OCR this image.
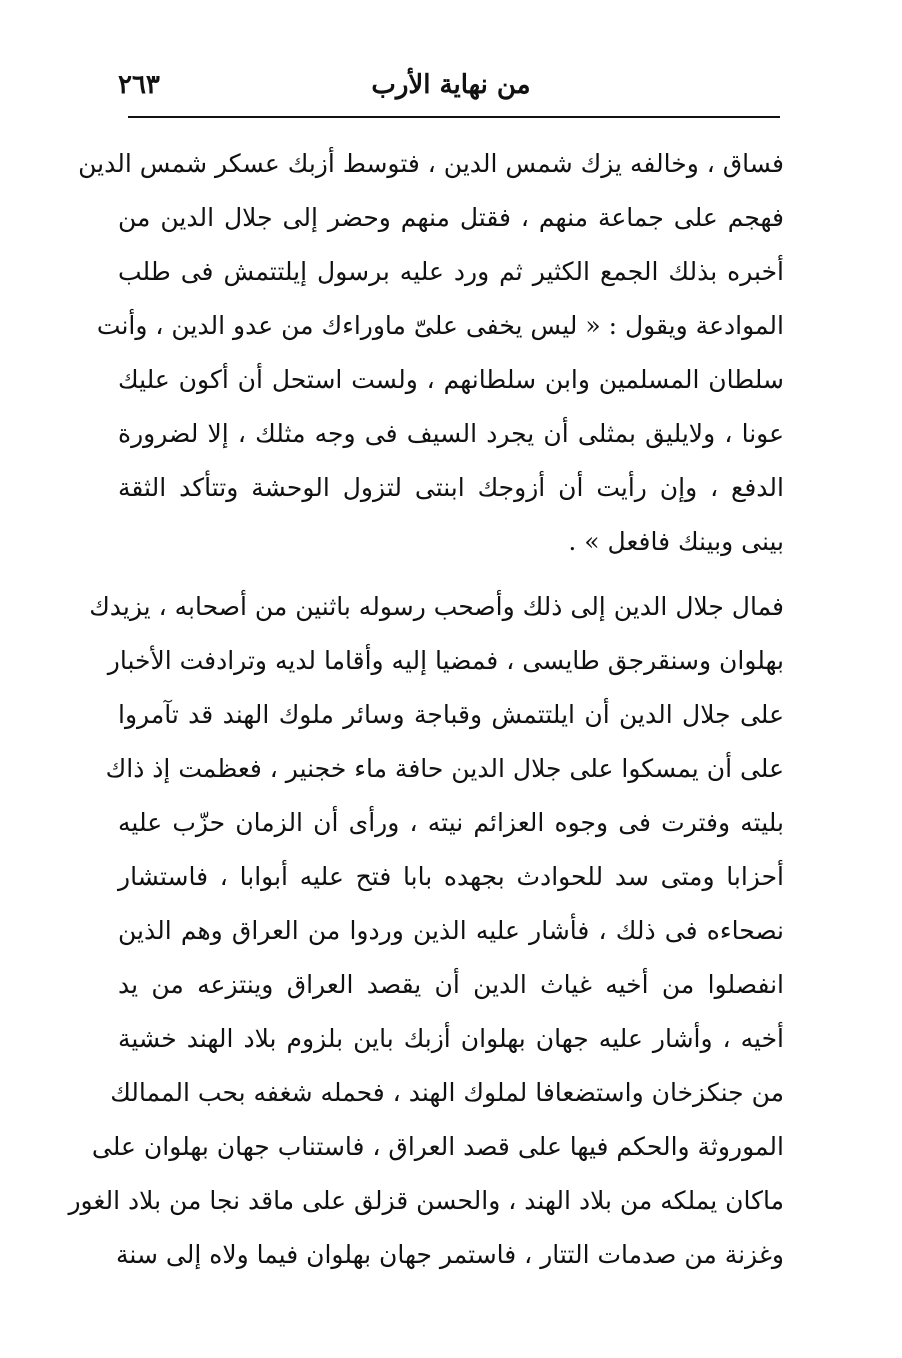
من نهاية الأرب
٢٦٣
فساق ، وخالفه يزك شمس الدين ، فتوسط أزبك عسكر شمس الدين
فهجم على جماعة منهم ، فقتل منهم وحضر إلى جلال الدين من
أخبره بذلك الجمع الكثير ثم ورد عليه برسول إيلتتمش فى طلب
الموادعة ويقول : « ليس يخفى علىّ ماوراءك من عدو الدين ، وأنت
سلطان المسلمين وابن سلطانهم ، ولست استحل أن أكون عليك
عونا ، ولايليق بمثلى أن يجرد السيف فى وجه مثلك ، إلا لضرورة
الدفع ، وإن رأيت أن أزوجك ابنتى لتزول الوحشة وتتأكد الثقة
بينى وبينك فافعل » .
فمال جلال الدين إلى ذلك وأصحب رسوله باثنين من أصحابه ، يزيدك
بهلوان وسنقرجق طايسى ، فمضيا إليه وأقاما لديه وترادفت الأخبار
على جلال الدين أن ايلتتمش وقباجة وسائر ملوك الهند قد تآمروا
على أن يمسكوا على جلال الدين حافة ماء خجنير ، فعظمت إذ ذاك
بليته وفترت فى وجوه العزائم نيته ، ورأى أن الزمان حزّب عليه
أحزابا ومتى سد للحوادث بجهده بابا فتح عليه أبوابا ، فاستشار
نصحاءه فى ذلك ، فأشار عليه الذين وردوا من العراق وهم الذين
انفصلوا من أخيه غياث الدين أن يقصد العراق وينتزعه من يد
أخيه ، وأشار عليه جهان بهلوان أزبك باين بلزوم بلاد الهند خشية
من جنكزخان واستضعافا لملوك الهند ، فحمله شغفه بحب الممالك
الموروثة والحكم فيها على قصد العراق ، فاستناب جهان بهلوان على
ماكان يملكه من بلاد الهند ، والحسن قزلق على ماقد نجا من بلاد الغور
وغزنة من صدمات التتار ، فاستمر جهان بهلوان فيما ولاه إلى سنة
